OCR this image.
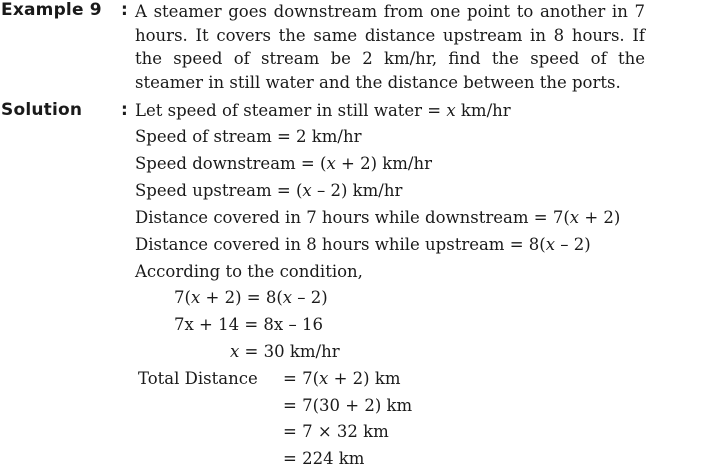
Example 9 : A steamer goes downstream from one point to another in 7 hours. It covers the same distance upstream in 8 hours. If the speed of stream be 2 km/hr, find the speed of the steamer in still water and the distance between the ports.
Solution : Let speed of steamer in still water = x km/hr
Speed of stream = 2 km/hr
Speed downstream = (x + 2) km/hr
Speed upstream = (x – 2) km/hr
Distance covered in 7 hours while downstream = 7(x + 2)
Distance covered in 8 hours while upstream = 8(x – 2)
According to the condition,
7(x + 2) = 8(x – 2)
7x + 14 = 8x – 16
x = 30 km/hr
Total Distance = 7(x + 2) km
= 7(30 + 2) km
= 7 × 32 km
= 224 km
